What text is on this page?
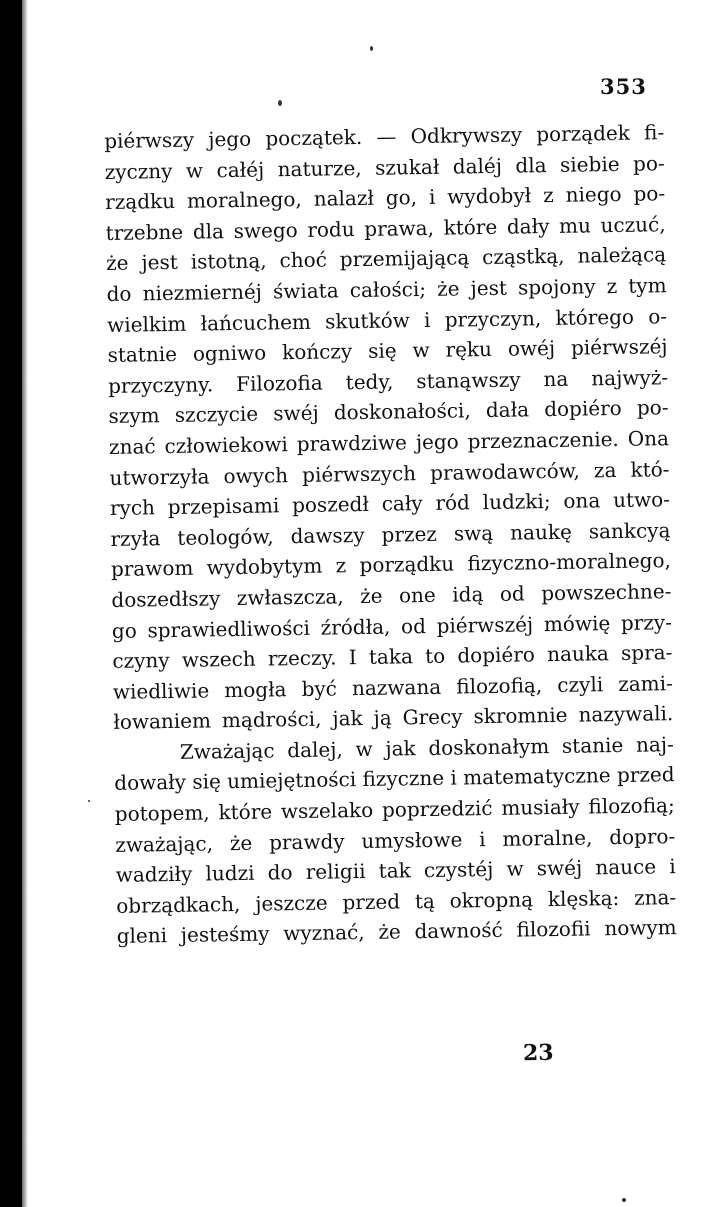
353
piérwszy jego początek. — Odkrywszy porządek fi-
zyczny w całéj naturze, szukał daléj dla siebie po-
rządku moralnego, nalazł go, i wydobył z niego po-
trzebne dla swego rodu prawa, które dały mu uczuć,
że jest istotną, choć przemijającą cząstką, należącą
do niezmiernéj świata całości; że jest spojony z tym
wielkim łańcuchem skutków i przyczyn, którego o-
statnie ogniwo kończy się w ręku owéj piérwszéj
przyczyny. Filozofia tedy, stanąwszy na najwyż-
szym szczycie swéj doskonałości, dała dopiéro po-
znać człowiekowi prawdziwe jego przeznaczenie. Ona
utworzyła owych piérwszych prawodawców, za któ-
rych przepisami poszedł cały ród ludzki; ona utwo-
rzyła teologów, dawszy przez swą naukę sankcyą
prawom wydobytym z porządku fizyczno-moralnego,
doszedłszy zwłaszcza, że one idą od powszechne-
go sprawiedliwości źródła, od piérwszéj mówię przy-
czyny wszech rzeczy. I taka to dopiéro nauka spra-
wiedliwie mogła być nazwana filozofią, czyli zami-
łowaniem mądrości, jak ją Grecy skromnie nazywali.
Zważając dalej, w jak doskonałym stanie naj-
dowały się umiejętności fizyczne i matematyczne przed
potopem, które wszelako poprzedzić musiały filozofią;
zważając, że prawdy umysłowe i moralne, dopro-
wadziły ludzi do religii tak czystéj w swéj nauce i
obrządkach, jeszcze przed tą okropną klęską: zna-
gleni jesteśmy wyznać, że dawność filozofii nowym
23
